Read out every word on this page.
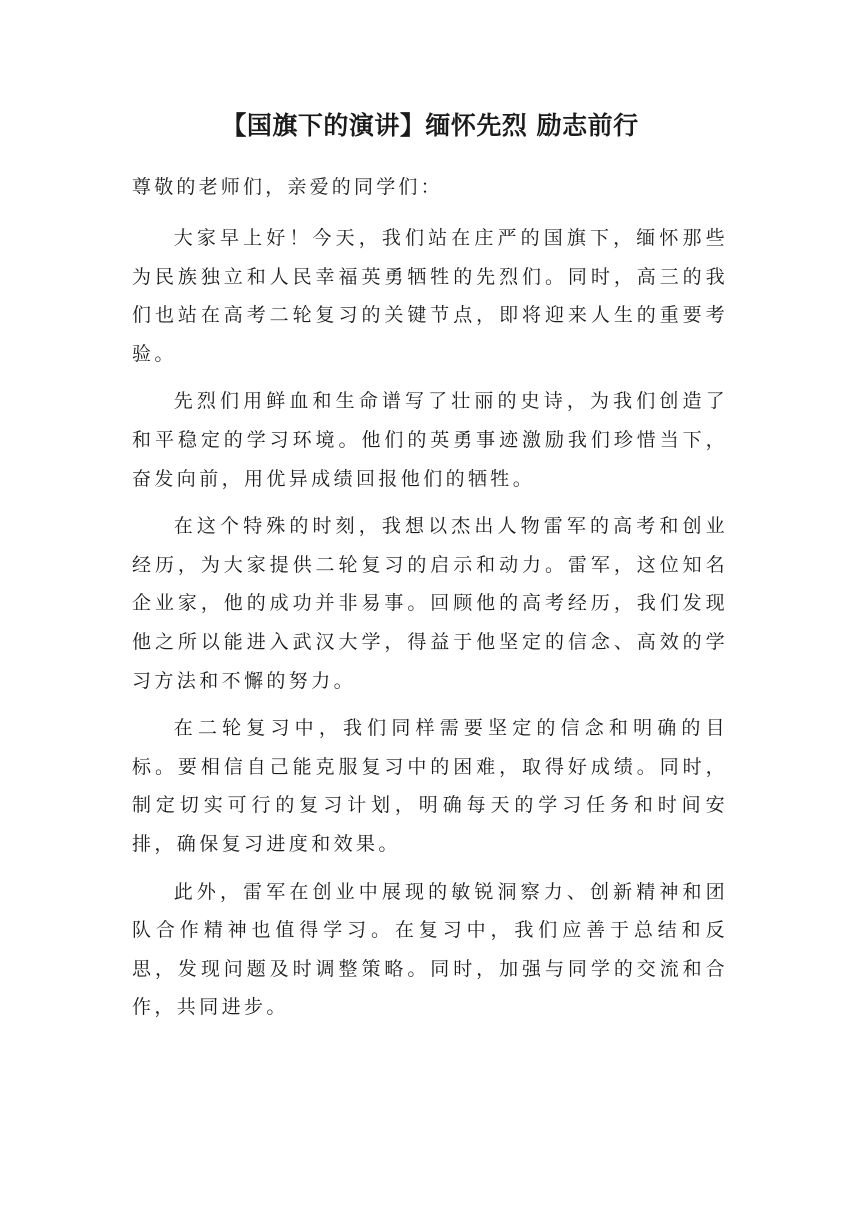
【国旗下的演讲】缅怀先烈 励志前行

尊敬的老师们，亲爱的同学们：

大家早上好！今天，我们站在庄严的国旗下，缅怀那些为民族独立和人民幸福英勇牺牲的先烈们。同时，高三的我们也站在高考二轮复习的关键节点，即将迎来人生的重要考验。

先烈们用鲜血和生命谱写了壮丽的史诗，为我们创造了和平稳定的学习环境。他们的英勇事迹激励我们珍惜当下，奋发向前，用优异成绩回报他们的牺牲。

在这个特殊的时刻，我想以杰出人物雷军的高考和创业经历，为大家提供二轮复习的启示和动力。雷军，这位知名企业家，他的成功并非易事。回顾他的高考经历，我们发现他之所以能进入武汉大学，得益于他坚定的信念、高效的学习方法和不懈的努力。

在二轮复习中，我们同样需要坚定的信念和明确的目标。要相信自己能克服复习中的困难，取得好成绩。同时，制定切实可行的复习计划，明确每天的学习任务和时间安排，确保复习进度和效果。

此外，雷军在创业中展现的敏锐洞察力、创新精神和团队合作精神也值得学习。在复习中，我们应善于总结和反思，发现问题及时调整策略。同时，加强与同学的交流和合作，共同进步。
